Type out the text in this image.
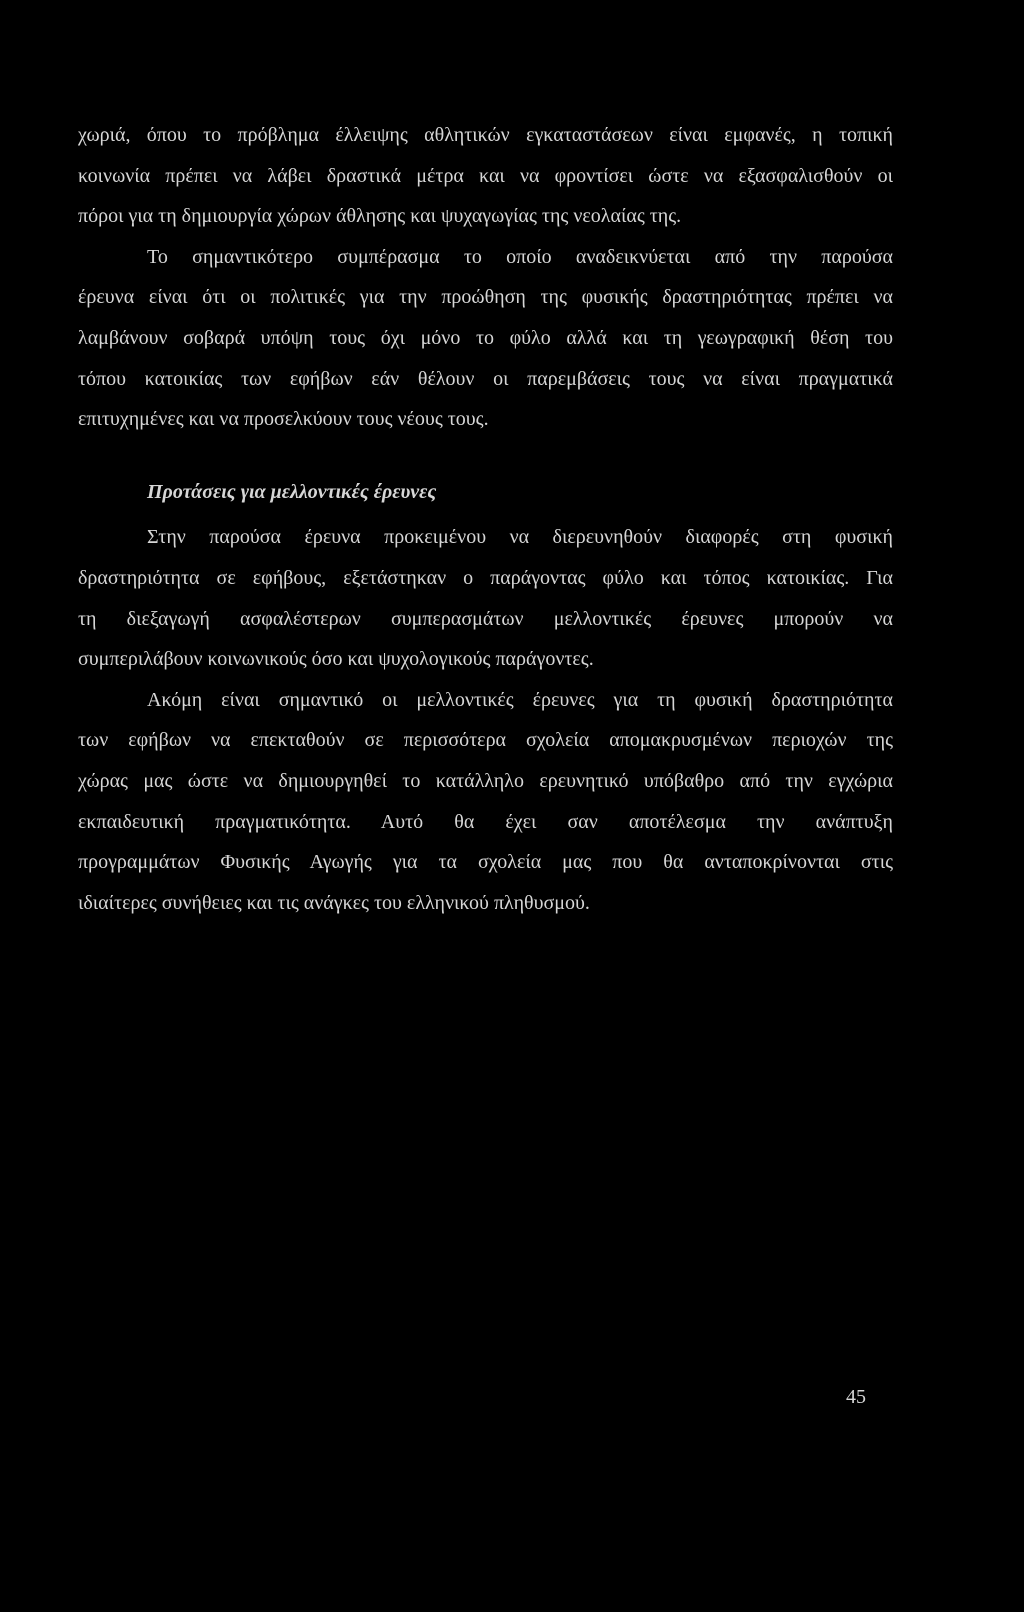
χωριά, όπου το πρόβλημα έλλειψης αθλητικών εγκαταστάσεων είναι εμφανές, η τοπική
κοινωνία πρέπει να λάβει δραστικά μέτρα και να φροντίσει ώστε να εξασφαλισθούν οι
πόροι για τη δημιουργία χώρων άθλησης και ψυχαγωγίας της νεολαίας της.
Το σημαντικότερο συμπέρασμα το οποίο αναδεικνύεται από την παρούσα
έρευνα είναι ότι οι πολιτικές για την προώθηση της φυσικής δραστηριότητας πρέπει να
λαμβάνουν σοβαρά υπόψη τους όχι μόνο το φύλο αλλά και τη γεωγραφική θέση του
τόπου κατοικίας των εφήβων εάν θέλουν οι παρεμβάσεις τους να είναι πραγματικά
επιτυχημένες και να προσελκύουν τους νέους τους.
Προτάσεις για μελλοντικές έρευνες
Στην παρούσα έρευνα προκειμένου να διερευνηθούν διαφορές στη φυσική
δραστηριότητα σε εφήβους, εξετάστηκαν ο παράγοντας φύλο και τόπος κατοικίας. Για
τη διεξαγωγή ασφαλέστερων συμπερασμάτων μελλοντικές έρευνες μπορούν να
συμπεριλάβουν κοινωνικούς όσο και ψυχολογικούς παράγοντες.
Ακόμη είναι σημαντικό οι μελλοντικές έρευνες για τη φυσική δραστηριότητα
των εφήβων να επεκταθούν σε περισσότερα σχολεία απομακρυσμένων περιοχών της
χώρας μας ώστε να δημιουργηθεί το κατάλληλο ερευνητικό υπόβαθρο από την εγχώρια
εκπαιδευτική πραγματικότητα. Αυτό θα έχει σαν αποτέλεσμα την ανάπτυξη
προγραμμάτων Φυσικής Αγωγής για τα σχολεία μας που θα ανταποκρίνονται στις
ιδιαίτερες συνήθειες και τις ανάγκες του ελληνικού πληθυσμού.
45
